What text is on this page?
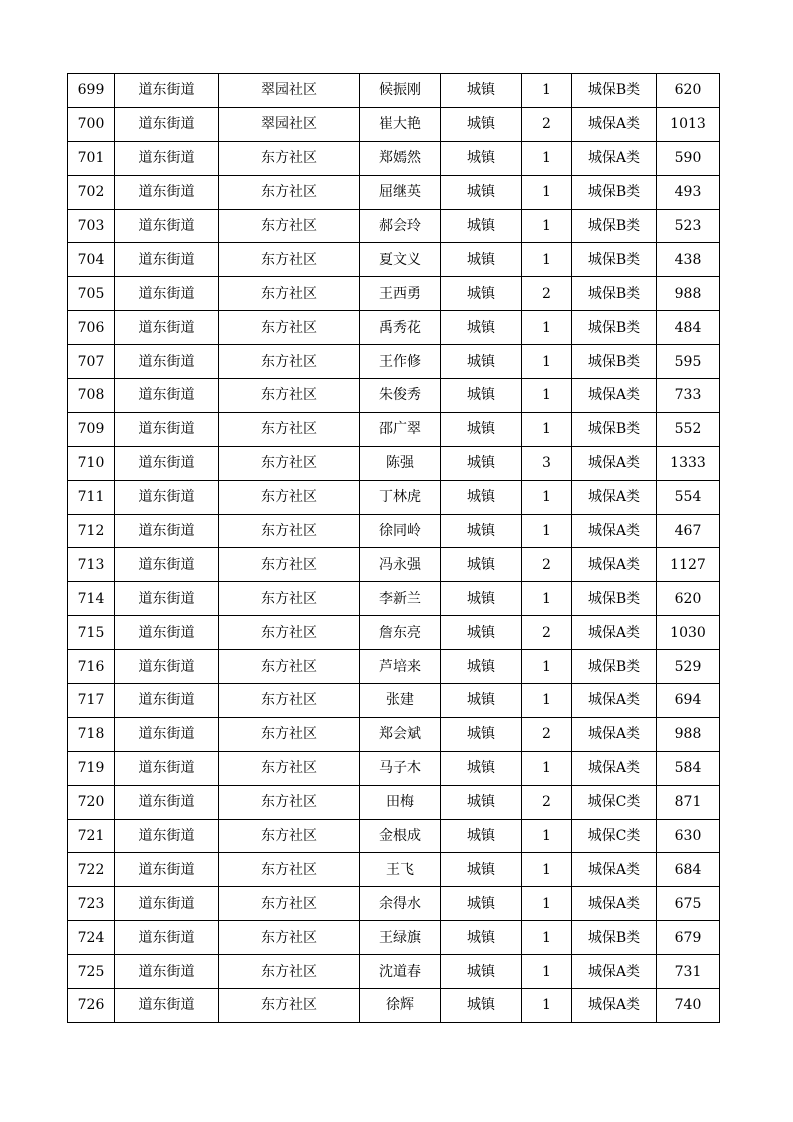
699	道东街道	翠园社区	候振刚	城镇	1	城保B类	620
700	道东街道	翠园社区	崔大艳	城镇	2	城保A类	1013
701	道东街道	东方社区	郑嫣然	城镇	1	城保A类	590
702	道东街道	东方社区	屈继英	城镇	1	城保B类	493
703	道东街道	东方社区	郝会玲	城镇	1	城保B类	523
704	道东街道	东方社区	夏文义	城镇	1	城保B类	438
705	道东街道	东方社区	王西勇	城镇	2	城保B类	988
706	道东街道	东方社区	禹秀花	城镇	1	城保B类	484
707	道东街道	东方社区	王作修	城镇	1	城保B类	595
708	道东街道	东方社区	朱俊秀	城镇	1	城保A类	733
709	道东街道	东方社区	邵广翠	城镇	1	城保B类	552
710	道东街道	东方社区	陈强	城镇	3	城保A类	1333
711	道东街道	东方社区	丁林虎	城镇	1	城保A类	554
712	道东街道	东方社区	徐同岭	城镇	1	城保A类	467
713	道东街道	东方社区	冯永强	城镇	2	城保A类	1127
714	道东街道	东方社区	李新兰	城镇	1	城保B类	620
715	道东街道	东方社区	詹东亮	城镇	2	城保A类	1030
716	道东街道	东方社区	芦培来	城镇	1	城保B类	529
717	道东街道	东方社区	张建	城镇	1	城保A类	694
718	道东街道	东方社区	郑会斌	城镇	2	城保A类	988
719	道东街道	东方社区	马子木	城镇	1	城保A类	584
720	道东街道	东方社区	田梅	城镇	2	城保C类	871
721	道东街道	东方社区	金根成	城镇	1	城保C类	630
722	道东街道	东方社区	王飞	城镇	1	城保A类	684
723	道东街道	东方社区	余得水	城镇	1	城保A类	675
724	道东街道	东方社区	王绿旗	城镇	1	城保B类	679
725	道东街道	东方社区	沈道春	城镇	1	城保A类	731
726	道东街道	东方社区	徐辉	城镇	1	城保A类	740
